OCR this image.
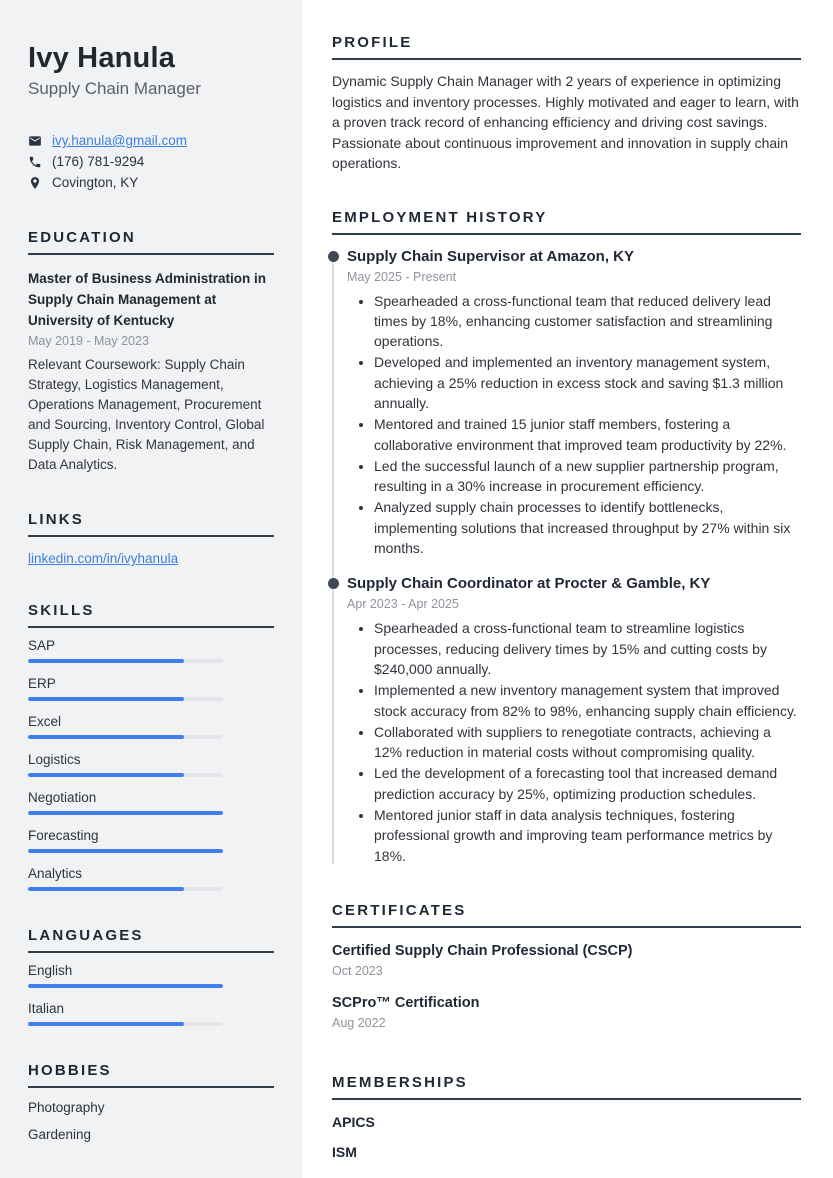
Ivy Hanula
Supply Chain Manager
ivy.hanula@gmail.com
(176) 781-9294
Covington, KY
EDUCATION
Master of Business Administration in Supply Chain Management at University of Kentucky
May 2019 - May 2023
Relevant Coursework: Supply Chain Strategy, Logistics Management, Operations Management, Procurement and Sourcing, Inventory Control, Global Supply Chain, Risk Management, and Data Analytics.
LINKS
linkedin.com/in/ivyhanula
SKILLS
SAP
ERP
Excel
Logistics
Negotiation
Forecasting
Analytics
LANGUAGES
English
Italian
HOBBIES
Photography
Gardening
PROFILE

Dynamic Supply Chain Manager with 2 years of experience in optimizing logistics and inventory processes. Highly motivated and eager to learn, with a proven track record of enhancing efficiency and driving cost savings. Passionate about continuous improvement and innovation in supply chain operations.

EMPLOYMENT HISTORY
Supply Chain Supervisor at Amazon, KY
May 2025 - Present
• Spearheaded a cross-functional team that reduced delivery lead times by 18%, enhancing customer satisfaction and streamlining operations.
• Developed and implemented an inventory management system, achieving a 25% reduction in excess stock and saving $1.3 million annually.
• Mentored and trained 15 junior staff members, fostering a collaborative environment that improved team productivity by 22%.
• Led the successful launch of a new supplier partnership program, resulting in a 30% increase in procurement efficiency.
• Analyzed supply chain processes to identify bottlenecks, implementing solutions that increased throughput by 27% within six months.
Supply Chain Coordinator at Procter & Gamble, KY
Apr 2023 - Apr 2025
• Spearheaded a cross-functional team to streamline logistics processes, reducing delivery times by 15% and cutting costs by $240,000 annually.
• Implemented a new inventory management system that improved stock accuracy from 82% to 98%, enhancing supply chain efficiency.
• Collaborated with suppliers to renegotiate contracts, achieving a 12% reduction in material costs without compromising quality.
• Led the development of a forecasting tool that increased demand prediction accuracy by 25%, optimizing production schedules.
• Mentored junior staff in data analysis techniques, fostering professional growth and improving team performance metrics by 18%.
CERTIFICATES
Certified Supply Chain Professional (CSCP)
Oct 2023
SCPro™ Certification
Aug 2022
MEMBERSHIPS
APICS
ISM
